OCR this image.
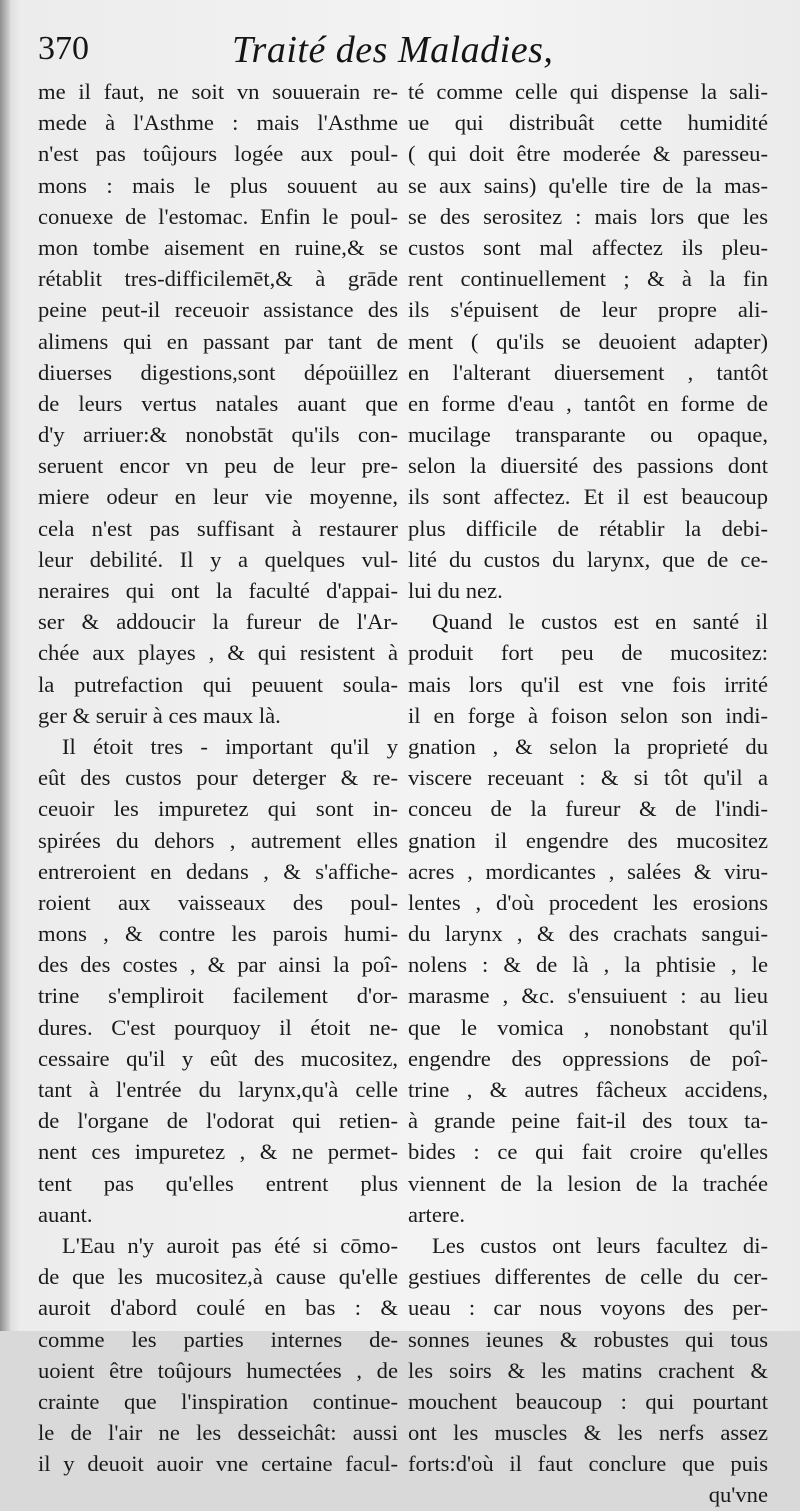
370	Traité des Maladies,
me il faut, ne soit vn souuerain re-
mede à l'Asthme : mais l'Asthme
n'est pas toûjours logée aux poul-
mons : mais le plus souuent au
conuexe de l'estomac. Enfin le poul-
mon tombe aisement en ruine,& se
rétablit tres-difficilemēt,& à grāde
peine peut-il receuoir assistance des
alimens qui en passant par tant de
diuerses digestions,sont dépoüillez
de leurs vertus natales auant que
d'y arriuer:& nonobstāt qu'ils con-
seruent encor vn peu de leur pre-
miere odeur en leur vie moyenne,
cela n'est pas suffisant à restaurer
leur debilité. Il y a quelques vul-
neraires qui ont la faculté d'appai-
ser & addoucir la fureur de l'Ar-
chée aux playes , & qui resistent à
la putrefaction qui peuuent soula-
ger & seruir à ces maux là.
Il étoit tres - important qu'il y
eût des custos pour deterger & re-
ceuoir les impuretez qui sont in-
spirées du dehors , autrement elles
entreroient en dedans , & s'affiche-
roient aux vaisseaux des poul-
mons , & contre les parois humi-
des des costes , & par ainsi la poî-
trine s'empliroit facilement d'or-
dures. C'est pourquoy il étoit ne-
cessaire qu'il y eût des mucositez,
tant à l'entrée du larynx,qu'à celle
de l'organe de l'odorat qui retien-
nent ces impuretez , & ne permet-
tent pas qu'elles entrent plus
auant.
L'Eau n'y auroit pas été si cōmo-
de que les mucositez,à cause qu'elle
auroit d'abord coulé en bas : &
comme les parties internes de-
uoient être toûjours humectées , de
crainte que l'inspiration continue-
le de l'air ne les desseichât: aussi
il y deuoit auoir vne certaine facul-
té comme celle qui dispense la sali-
ue qui distribuât cette humidité
( qui doit être moderée & paresseu-
se aux sains) qu'elle tire de la mas-
se des serositez : mais lors que les
custos sont mal affectez ils pleu-
rent continuellement ; & à la fin
ils s'épuisent de leur propre ali-
ment ( qu'ils se deuoient adapter)
en l'alterant diuersement , tantôt
en forme d'eau , tantôt en forme de
mucilage transparante ou opaque,
selon la diuersité des passions dont
ils sont affectez. Et il est beaucoup
plus difficile de rétablir la debi-
lité du custos du larynx, que de ce-
lui du nez.
Quand le custos est en santé il
produit fort peu de mucositez:
mais lors qu'il est vne fois irrité
il en forge à foison selon son indi-
gnation , & selon la proprieté du
viscere receuant : & si tôt qu'il a
conceu de la fureur & de l'indi-
gnation il engendre des mucositez
acres , mordicantes , salées & viru-
lentes , d'où procedent les erosions
du larynx , & des crachats sangui-
nolens : & de là , la phtisie , le
marasme , &c. s'ensuiuent : au lieu
que le vomica , nonobstant qu'il
engendre des oppressions de poî-
trine , & autres fâcheux accidens,
à grande peine fait-il des toux ta-
bides : ce qui fait croire qu'elles
viennent de la lesion de la trachée
artere.
Les custos ont leurs facultez di-
gestiues differentes de celle du cer-
ueau : car nous voyons des per-
sonnes ieunes & robustes qui tous
les soirs & les matins crachent &
mouchent beaucoup : qui pourtant
ont les muscles & les nerfs assez
forts:d'où il faut conclure que puis
qu'vne
